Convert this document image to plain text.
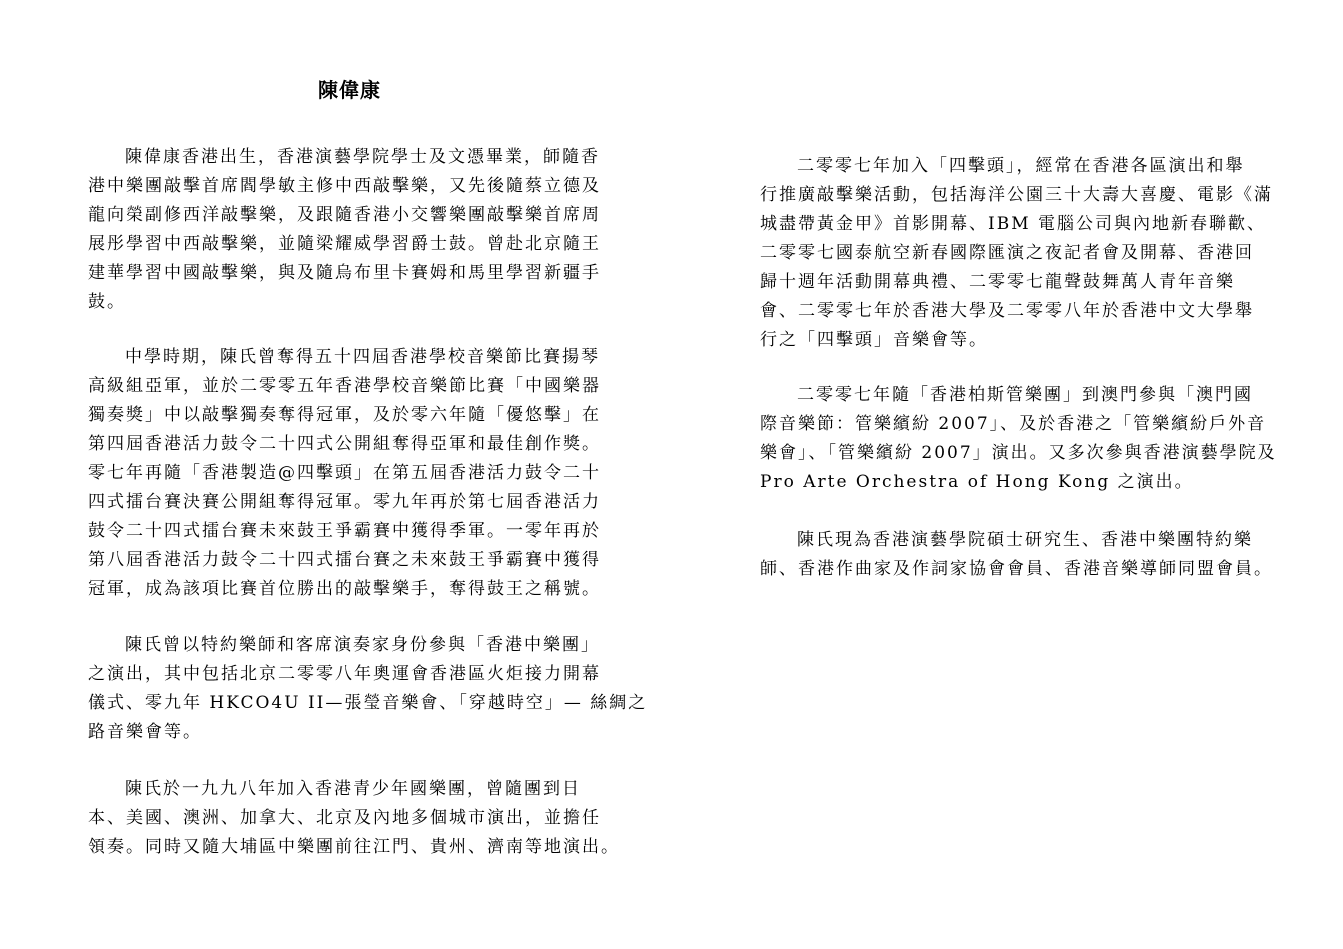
陳偉康

陳偉康香港出生，香港演藝學院學士及文憑畢業，師隨香
港中樂團敲擊首席閻學敏主修中西敲擊樂，又先後隨蔡立德及
龍向榮副修西洋敲擊樂，及跟隨香港小交響樂團敲擊樂首席周
展彤學習中西敲擊樂，並隨梁耀威學習爵士鼓。曾赴北京隨王
建華學習中國敲擊樂，與及隨烏布里卡賽姆和馬里學習新疆手
鼓。

中學時期，陳氏曾奪得五十四屆香港學校音樂節比賽揚琴
高級組亞軍，並於二零零五年香港學校音樂節比賽「中國樂器
獨奏獎」中以敲擊獨奏奪得冠軍，及於零六年隨「優悠擊」在
第四屆香港活力鼓令二十四式公開組奪得亞軍和最佳創作獎。
零七年再隨「香港製造@四擊頭」在第五屆香港活力鼓令二十
四式擂台賽決賽公開組奪得冠軍。零九年再於第七屆香港活力
鼓令二十四式擂台賽未來鼓王爭霸賽中獲得季軍。一零年再於
第八屆香港活力鼓令二十四式擂台賽之未來鼓王爭霸賽中獲得
冠軍，成為該項比賽首位勝出的敲擊樂手，奪得鼓王之稱號。

陳氏曾以特約樂師和客席演奏家身份參與「香港中樂團」
之演出，其中包括北京二零零八年奧運會香港區火炬接力開幕
儀式、零九年 HKCO4U II—張瑩音樂會、「穿越時空」— 絲綢之
路音樂會等。

陳氏於一九九八年加入香港青少年國樂團，曾隨團到日
本、美國、澳洲、加拿大、北京及內地多個城市演出，並擔任
領奏。同時又隨大埔區中樂團前往江門、貴州、濟南等地演出。

二零零七年加入「四擊頭」，經常在香港各區演出和舉
行推廣敲擊樂活動，包括海洋公園三十大壽大喜慶、電影《滿
城盡帶黃金甲》首影開幕、IBM 電腦公司與內地新春聯歡、
二零零七國泰航空新春國際匯演之夜記者會及開幕、香港回
歸十週年活動開幕典禮、二零零七龍聲鼓舞萬人青年音樂
會、二零零七年於香港大學及二零零八年於香港中文大學舉
行之「四擊頭」音樂會等。

二零零七年隨「香港柏斯管樂團」到澳門參與「澳門國
際音樂節：管樂繽紛 2007」、及於香港之「管樂繽紛戶外音
樂會」、「管樂繽紛 2007」演出。又多次參與香港演藝學院及
Pro Arte Orchestra of Hong Kong 之演出。

陳氏現為香港演藝學院碩士研究生、香港中樂團特約樂
師、香港作曲家及作詞家協會會員、香港音樂導師同盟會員。
